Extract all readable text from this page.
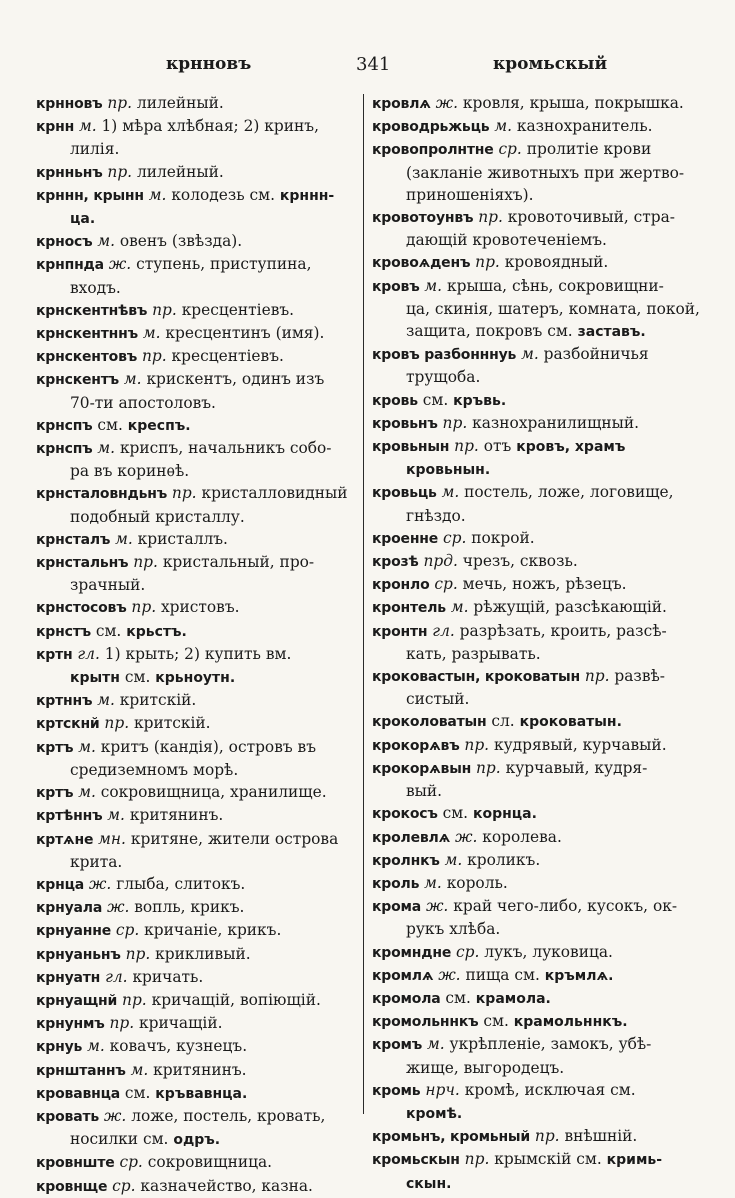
крнновъ	341	кромьскый
крнновъ пр. лилейный.
крнн м. 1) мѣра хлѣбная; 2) кринъ,
лилія.
крнньнъ пр. лилейный.
крннн, крынн м. колодезь см. крннн-
ца.
крносъ м. овенъ (звѣзда).
крнпнда ж. ступень, приступина,
входъ.
крнскентнѣвъ пр. кресцентіевъ.
крнскентннъ м. кресцентинъ (имя).
крнскентовъ пр. кресцентіевъ.
крнскентъ м. крискентъ, одинъ изъ
70-ти апостоловъ.
крнспъ см. креспъ.
крнспъ м. криспъ, начальникъ собо-
ра въ коринѳѣ.
крнсталовндьнъ пр. кристалловидный
подобный кристаллу.
крнсталъ м. кристаллъ.
крнстальнъ пр. кристальный, про-
зрачный.
крнстосовъ пр. христовъ.
крнстъ см. крьстъ.
кртн гл. 1) крыть; 2) купить вм.
крытн см. крьноутн.
кртннъ м. критскій.
кртскнй пр. критскій.
кртъ м. критъ (кандія), островъ въ
средиземномъ морѣ.
кртъ м. сокровищница, хранилище.
кртѣннъ м. критянинъ.
кртѧне мн. критяне, жители острова
крита.
крнца ж. глыба, слитокъ.
крнуала ж. вопль, крикъ.
крнуанне ср. кричаніе, крикъ.
крнуаньнъ пр. крикливый.
крнуатн гл. кричать.
крнуащнй пр. кричащій, вопіющій.
крнунмъ пр. кричащій.
крнуь м. ковачъ, кузнецъ.
крнштаннъ м. критянинъ.
кровавнца см. кръвавнца.
кровать ж. ложе, постель, кровать,
носилки см. одръ.
кровнште ср. сокровищница.
кровнще ср. казначейство, казна.
кровлѧ ж. кровля, крыша, покрышка.
кроводрьжьць м. казнохранитель.
кровопролнтне ср. пролитіе крови
(закланіе животныхъ при жертво-
приношеніяхъ).
кровотоунвъ пр. кровоточивый, стра-
дающій кровотеченіемъ.
кровоѧденъ пр. кровоядный.
кровъ м. крыша, сѣнь, сокровищни-
ца, скинія, шатеръ, комната, покой,
защита, покровъ см. заставъ.
кровъ разбонннуь м. разбойничья
трущоба.
кровь см. кръвь.
кровьнъ пр. казнохранилищный.
кровьнын пр. отъ кровъ, храмъ
кровьнын.
кровьць м. постель, ложе, логовище,
гнѣздо.
кроенне ср. покрой.
крозѣ прд. чрезъ, сквозь.
кронло ср. мечь, ножъ, рѣзецъ.
кронтель м. рѣжущій, разсѣкающій.
кронтн гл. разрѣзать, кроить, разсѣ-
кать, разрывать.
кроковастын, кроковатын пр. развѣ-
систый.
кроколоватын сл. кроковатын.
крокорѧвъ пр. кудрявый, курчавый.
крокорѧвын пр. курчавый, кудря-
вый.
крокосъ см. корнца.
кролевлѧ ж. королева.
кролнкъ м. кроликъ.
кроль м. король.
крома ж. край чего-либо, кусокъ, ок-
рукъ хлѣба.
кромндне ср. лукъ, луковица.
кромлѧ ж. пища см. кръмлѧ.
кромола см. крамола.
кромольннкъ см. крамольннкъ.
кромъ м. укрѣпленіе, замокъ, убѣ-
жище, выгородецъ.
кромь нрч. кромѣ, исключая см.
кромѣ.
кромьнъ, кромьный пр. внѣшній.
кромьскын пр. крымскій см. кримь-
скын.
